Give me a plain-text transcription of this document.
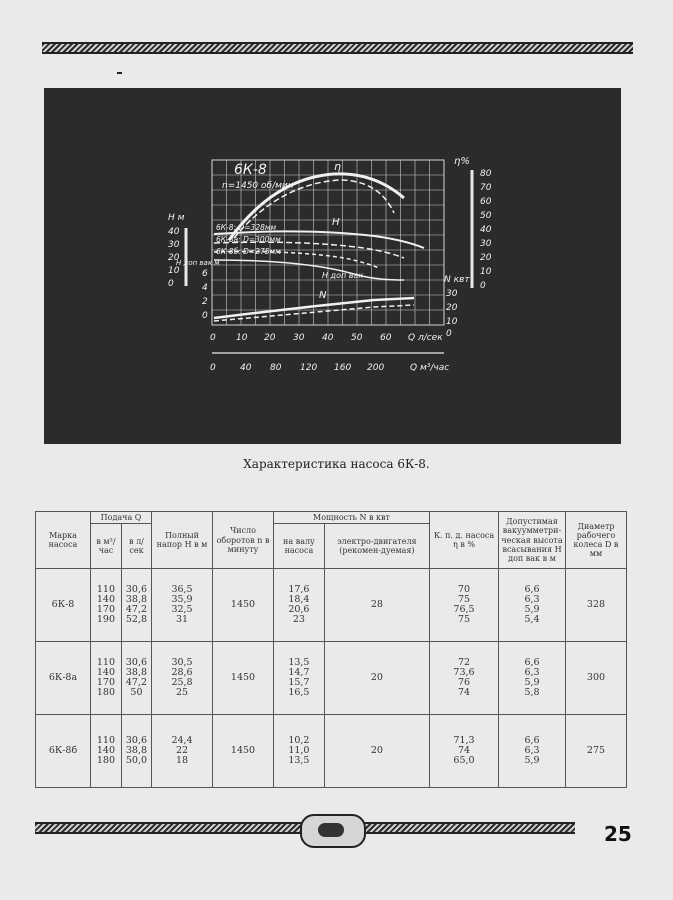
6К-8
n=1450 об/мин
η
H
N
H доп вак
6К-8: D=328мм
6К-8а: D=300мм
6К-8б: D=275мм
H м
40
30
20
10
0
H доп вак м
6
4
2
0
η%
80
70
60
50
40
30
20
10
0
N квт
30
20
10
0
0 10 20 30 40 50 60 Q л/сек
0	40 80 120 160 200	Q м³/час
Характеристика насоса 6К-8.
Марка насоса	Подача Q		Полный напор H в м	Число оборотов n в минуту	Мощность N в квт		К. п. д. насоса η в %	Допустимая вакуумметри-ческая высота всасывания H доп вак в м	Диаметр рабочего колеса D в мм
	в м³/час	в л/сек			на валу насоса	электро-двигателя (рекомен-дуемая)			
6К-8	110
140
170
190	30,6
38,8
47,2
52,8	36,5
35,9
32,5
31	1450	17,6
18,4
20,6
23	28	70
75
76,5
75	6,6
6,3
5,9
5,4	328
6К-8а	110
140
170
180	30,6
38,8
47,2
50	30,5
28,6
25,8
25	1450	13,5
14,7
15,7
16,5	20	72
73,6
76
74	6,6
6,3
5,9
5,8	300
6К-8б	110
140
180	30,6
38,8
50,0	24,4
22
18	1450	10,2
11,0
13,5	20	71,3
74
65,0	6,6
6,3
5,9	275
25
